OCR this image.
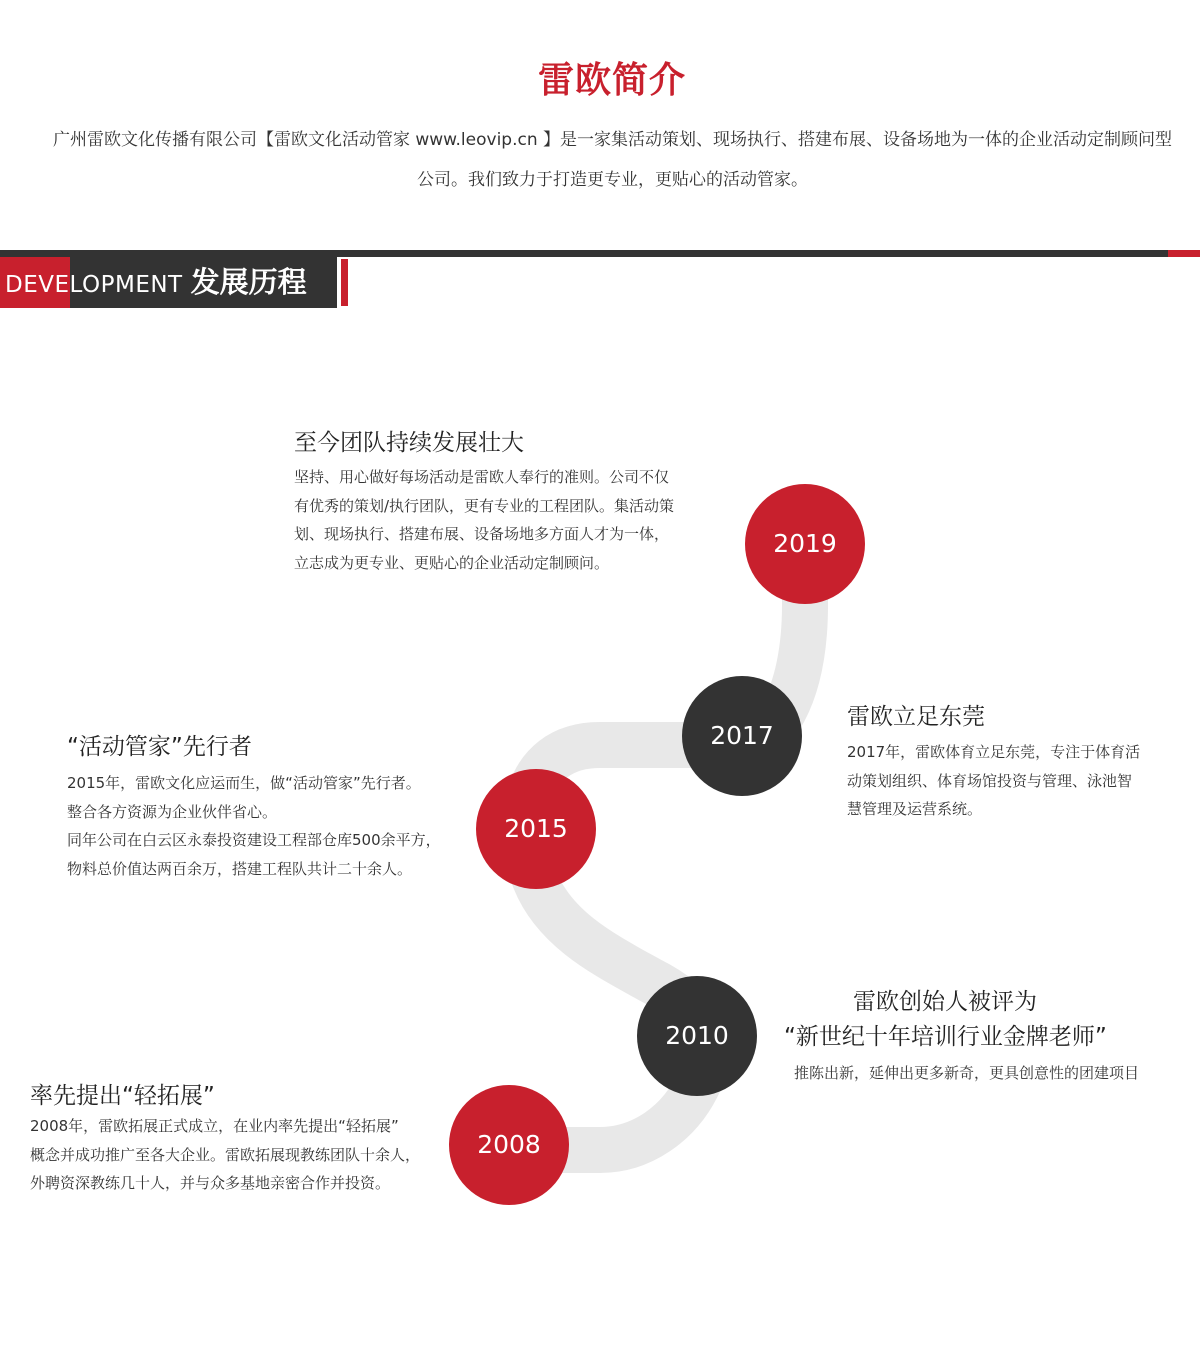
雷欧简介

广州雷欧文化传播有限公司【雷欧文化活动管家 www.leovip.cn 】是一家集活动策划、现场执行、搭建布展、设备场地为一体的企业活动定制顾问型公司。我们致力于打造更专业，更贴心的活动管家。

DEVELOPMENT 发展历程
2019
至今团队持续发展壮大

坚持、用心做好每场活动是雷欧人奉行的准则。公司不仅
有优秀的策划/执行团队，更有专业的工程团队。集活动策
划、现场执行、搭建布展、设备场地多方面人才为一体，
立志成为更专业、更贴心的企业活动定制顾问。

2017
雷欧立足东莞

2017年，雷欧体育立足东莞，专注于体育活
动策划组织、体育场馆投资与管理、泳池智
慧管理及运营系统。

2015
“活动管家”先行者

2015年，雷欧文化应运而生，做“活动管家”先行者。
整合各方资源为企业伙伴省心。
同年公司在白云区永泰投资建设工程部仓库500余平方，
物料总价值达两百余万，搭建工程队共计二十余人。

2010
雷欧创始人被评为
“新世纪十年培训行业金牌老师”

推陈出新，延伸出更多新奇，更具创意性的团建项目

2008
率先提出“轻拓展”

2008年，雷欧拓展正式成立，在业内率先提出“轻拓展”
概念并成功推广至各大企业。雷欧拓展现教练团队十余人，
外聘资深教练几十人，并与众多基地亲密合作并投资。
